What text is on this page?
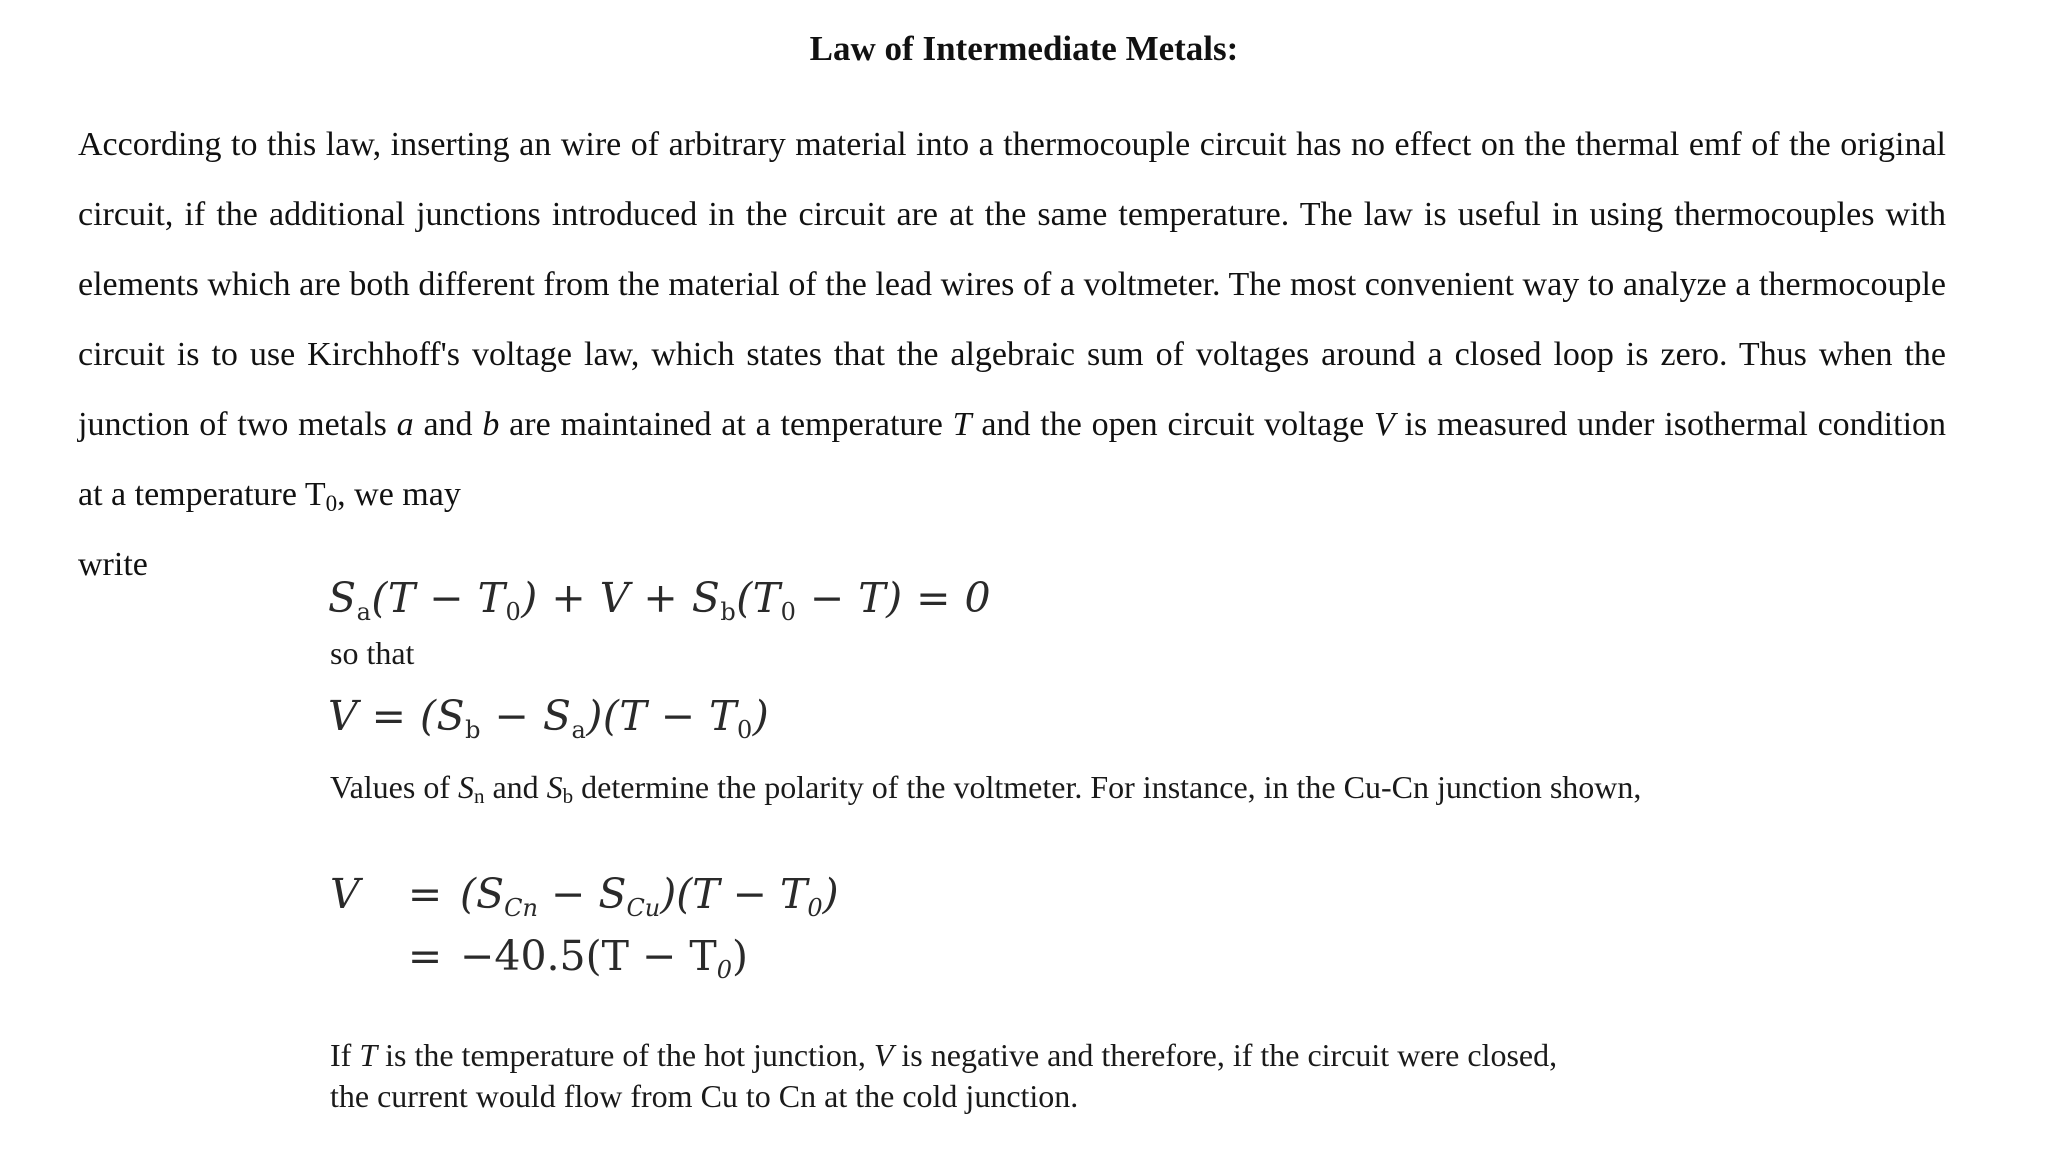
Law of Intermediate Metals:

According to this law, inserting an wire of arbitrary material into a thermocouple circuit has no effect on the thermal emf of the original circuit, if the additional junctions introduced in the circuit are at the same temperature. The law is useful in using thermocouples with elements which are both different from the material of the lead wires of a voltmeter. The most convenient way to analyze a thermocouple circuit is to use Kirchhoff's voltage law, which states that the algebraic sum of voltages around a closed loop is zero. Thus when the junction of two metals a and b are maintained at a temperature T and the open circuit voltage V is measured under isothermal condition at a temperature $T_0$, we may
write

$S_a(T - T_0) + V + S_b(T_0 - T) = 0$
so that
$V = (S_b - S_a)(T - T_0)$

Values of $S_n$ and $S_b$ determine the polarity of the voltmeter. For instance, in the Cu-Cn junction shown,

V	= $(S_{Cn} - S_{Cu})(T - T_0)$
= $-40.5(T - T_0)$

If T is the temperature of the hot junction, V is negative and therefore, if the circuit were closed,
the current would flow from Cu to Cn at the cold junction.
